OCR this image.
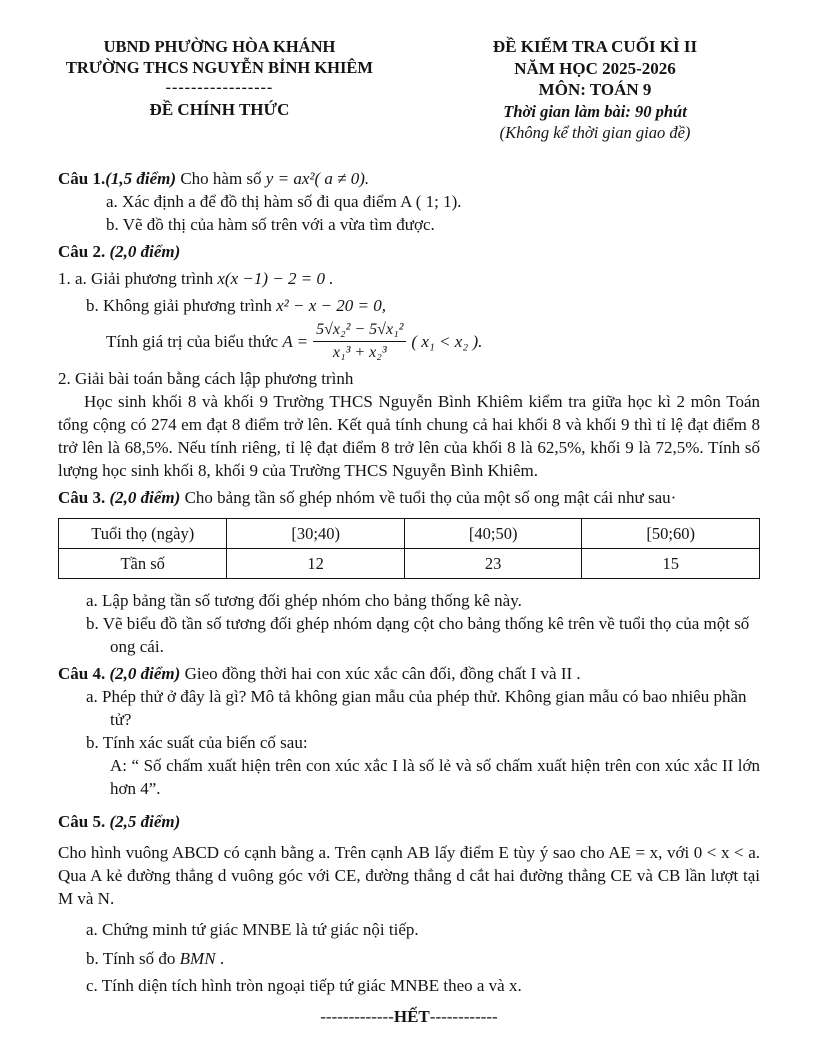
UBND PHƯỜNG HÒA KHÁNH
TRƯỜNG THCS NGUYỄN BỈNH KHIÊM
-----------------
ĐỀ CHÍNH THỨC
ĐỀ KIỂM TRA CUỐI KÌ II
NĂM HỌC 2025-2026
MÔN: TOÁN 9
Thời gian làm bài: 90 phút
(Không kể thời gian giao đề)
Câu 1.(1,5 điểm) Cho hàm số y = ax²( a ≠ 0).
a. Xác định a để đồ thị hàm số đi qua điểm A ( 1; 1).
b. Vẽ đồ thị của hàm số trên với a vừa tìm được.
Câu 2. (2,0 điểm)
1. a. Giải phương trình x(x −1) − 2 = 0 .
b. Không giải phương trình x² − x − 20 = 0,
Tính giá trị của biểu thức
$A = \frac{\text{5√x₂² − 5√x₁²}}{\text{x₁³ + x₂³}}$ ( x₁ < x₂ ).
2. Giải bài toán bằng cách lập phương trình
Học sinh khối 8 và khối 9 Trường THCS Nguyễn Bình Khiêm kiểm tra giữa học kì 2 môn Toán tổng cộng có 274 em đạt 8 điểm trở lên. Kết quả tính chung cả hai khối 8 và khối 9 thì tỉ lệ đạt điểm 8 trở lên là 68,5%. Nếu tính riêng, tỉ lệ đạt điểm 8 trở lên của khối 8 là 62,5%, khối 9 là 72,5%. Tính số lượng học sinh khối 8, khối 9 của Trường THCS Nguyễn Bình Khiêm.
Câu 3. (2,0 điểm) Cho bảng tần số ghép nhóm về tuổi thọ của một số ong mật cái như sau·
Tuổi thọ (ngày)	[30;40)	[40;50)	[50;60)
Tần số	12	23	15
a. Lập bảng tần số tương đối ghép nhóm cho bảng thống kê này.
b. Vẽ biểu đồ tần số tương đối ghép nhóm dạng cột cho bảng thống kê trên về tuổi thọ của một số ong cái.
Câu 4. (2,0 điểm) Gieo đồng thời hai con xúc xắc cân đối, đồng chất I và II .
a. Phép thử ở đây là gì? Mô tả không gian mẫu của phép thử. Không gian mẫu có bao nhiêu phần tử?
b. Tính xác suất của biến cố sau:
A: “ Số chấm xuất hiện trên con xúc xắc I là số lẻ và số chấm xuất hiện trên con xúc xắc II lớn hơn 4”.
Câu 5. (2,5 điểm)
Cho hình vuông ABCD có cạnh bằng a. Trên cạnh AB lấy điểm E tùy ý sao cho AE = x, với 0 < x < a. Qua A kẻ đường thẳng d vuông góc với CE, đường thẳng d cắt hai đường thẳng CE và CB lần lượt tại M và N.
a. Chứng minh tứ giác MNBE là tứ giác nội tiếp.
b. Tính số đo BMN .
c. Tính diện tích hình tròn ngoại tiếp tứ giác MNBE theo a và x.
-------------HẾT------------
